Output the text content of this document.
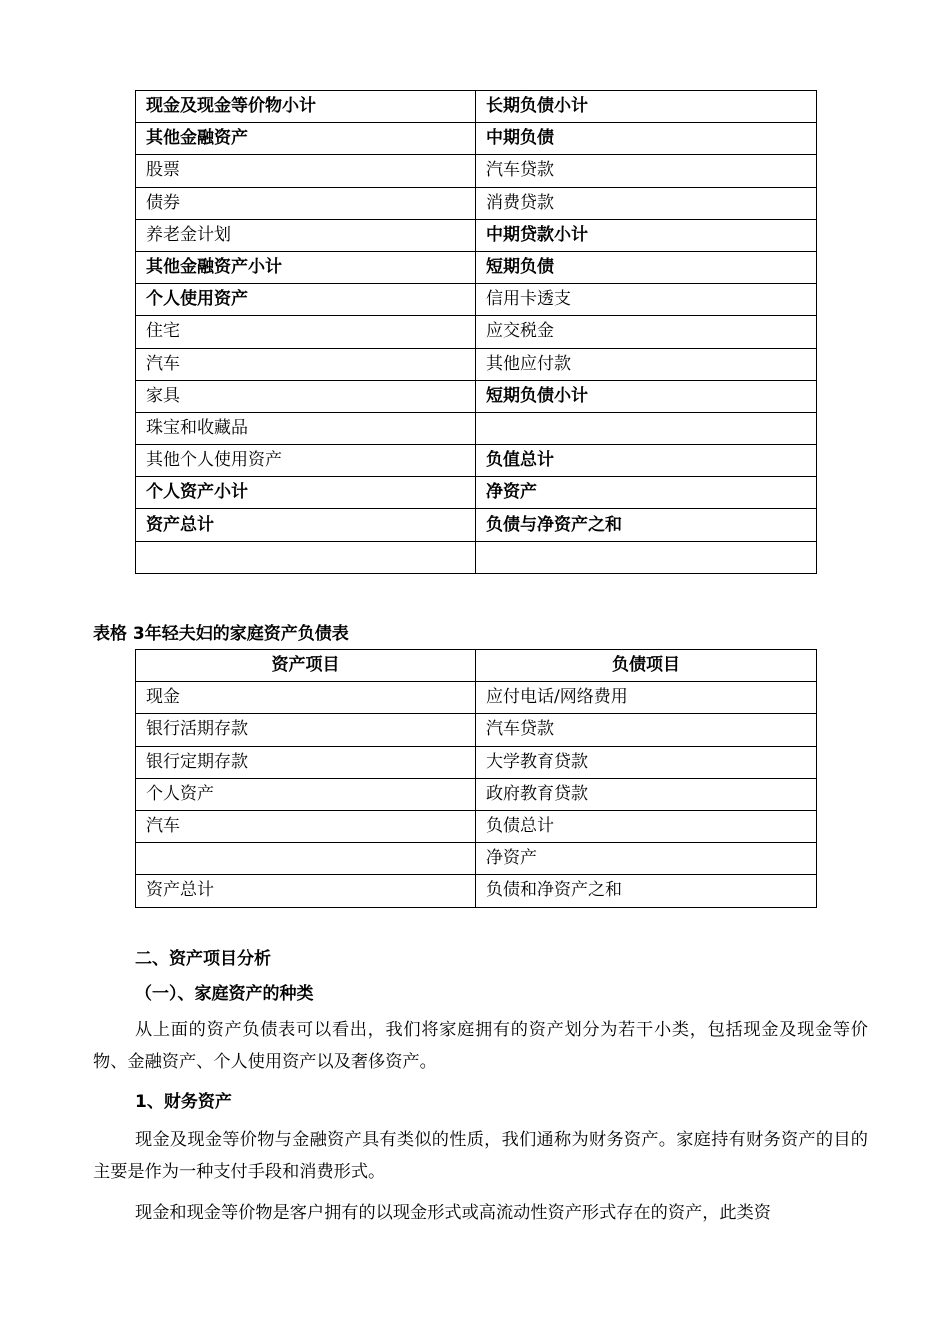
现金及现金等价物小计	长期负债小计
其他金融资产	中期负债
股票	汽车贷款
债券	消费贷款
养老金计划	中期贷款小计
其他金融资产小计	短期负债
个人使用资产	信用卡透支
住宅	应交税金
汽车	其他应付款
家具	短期负债小计
珠宝和收藏品	
其他个人使用资产	负值总计
个人资产小计	净资产
资产总计	负债与净资产之和

表格 3年轻夫妇的家庭资产负债表
资产项目	负债项目
现金	应付电话/网络费用
银行活期存款	汽车贷款
银行定期存款	大学教育贷款
个人资产	政府教育贷款
汽车	负债总计
	净资产
资产总计	负债和净资产之和
二、资产项目分析
（一）、家庭资产的种类
从上面的资产负债表可以看出，我们将家庭拥有的资产划分为若干小类，包括现金及现金等价物、金融资产、个人使用资产以及奢侈资产。
1、财务资产
现金及现金等价物与金融资产具有类似的性质，我们通称为财务资产。家庭持有财务资产的目的主要是作为一种支付手段和消费形式。
现金和现金等价物是客户拥有的以现金形式或高流动性资产形式存在的资产，此类资
